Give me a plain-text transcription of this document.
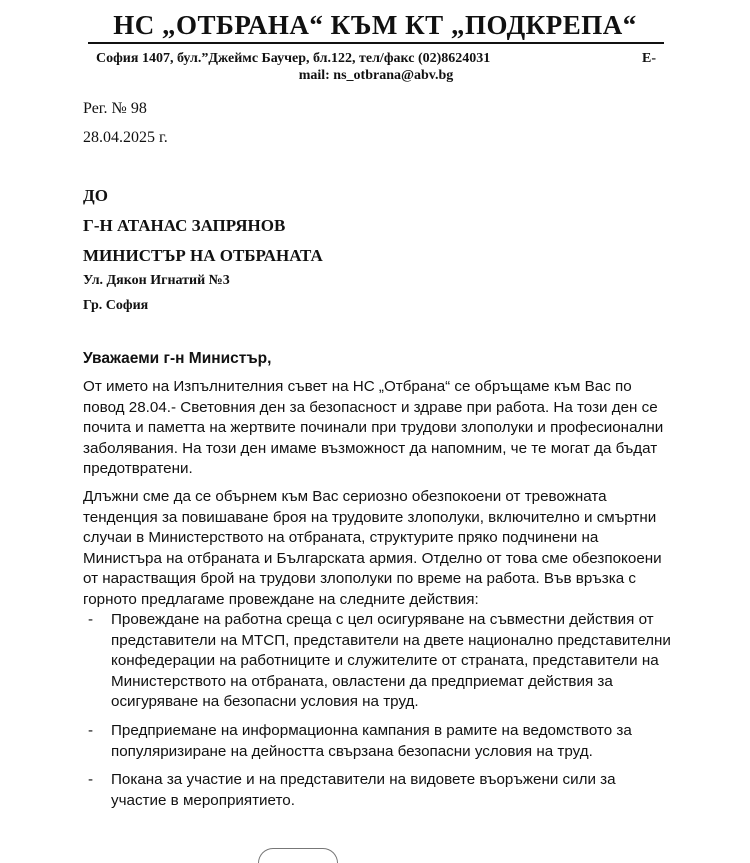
НС „ОТБРАНА“ КЪМ КТ „ПОДКРЕПА“
София 1407, бул.”Джеймс Баучер, бл.122, тел/факс (02)8624031	E-
mail: ns_otbrana@abv.bg

Рег. № 98

28.04.2025 г.

ДО

Г-Н АТАНАС ЗАПРЯНОВ

МИНИСТЪР НА ОТБРАНАТА

Ул. Дякон Игнатий №3

Гр. София

Уважаеми г-н Министър,

От името на Изпълнителния съвет на НС „Отбрана“ се обръщаме към Вас по повод 28.04.- Световния ден за безопасност и здраве при работа. На този ден се почита и паметта на жертвите починали при трудови злополуки и професионални заболявания. На този ден имаме възможност да напомним, че те могат да бъдат предотвратени.

Длъжни сме да се обърнем към Вас сериозно обезпокоени от тревожната тенденция за повишаване броя на трудовите злополуки, включително и смъртни случаи в Министерството на отбраната, структурите пряко подчинени на Министъра на отбраната и Българската армия. Отделно от това сме обезпокоени от нарастващия брой на трудови злополуки по време на работа. Във връзка с горното предлагаме провеждане на следните действия:

- Провеждане на работна среща с цел осигуряване на съвместни действия от представители на МТСП, представители на двете национално представителни конфедерации на работниците и служителите от страната, представители на Министерството на отбраната, овластени да предприемат действия за осигуряване на безопасни условия на труд.
- Предприемане на информационна кампания в рамите на ведомството за популяризиране на дейността свързана безопасни условия на труд.
- Покана за участие и на представители на видовете въоръжени сили за участие в мероприятието.
